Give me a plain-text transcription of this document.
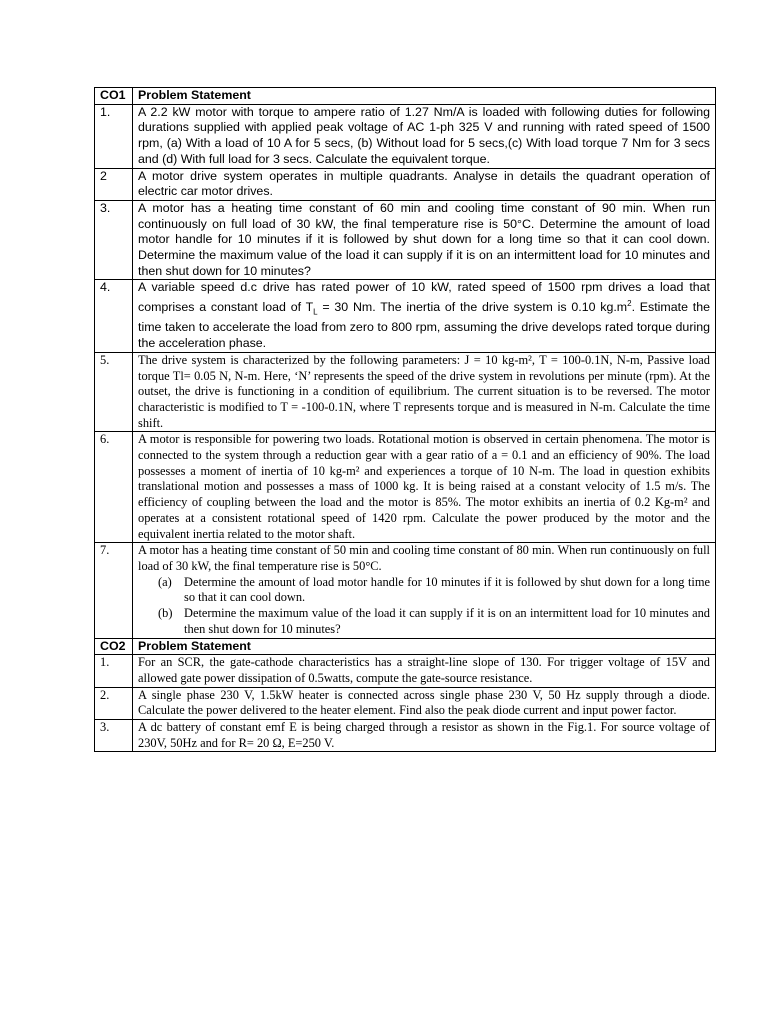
CO1	Problem Statement
1.	A 2.2 kW motor with torque to ampere ratio of 1.27 Nm/A is loaded with following duties for following durations supplied with applied peak voltage of AC 1-ph 325 V and running with rated speed of 1500 rpm, (a) With a load of 10 A for 5 secs, (b) Without load for 5 secs,(c) With load torque 7 Nm for 3 secs and (d) With full load for 3 secs. Calculate the equivalent torque.
2	A motor drive system operates in multiple quadrants. Analyse in details the quadrant operation of electric car motor drives.
3.	A motor has a heating time constant of 60 min and cooling time constant of 90 min. When run continuously on full load of 30 kW, the final temperature rise is 50°C. Determine the amount of load motor handle for 10 minutes if it is followed by shut down for a long time so that it can cool down. Determine the maximum value of the load it can supply if it is on an intermittent load for 10 minutes and then shut down for 10 minutes?
4.	A variable speed d.c drive has rated power of 10 kW, rated speed of 1500 rpm drives a load that comprises a constant load of $T_L = 30$ Nm. The inertia of the drive system is 0.10 $kg.m^2$. Estimate the time taken to accelerate the load from zero to 800 rpm, assuming the drive develops rated torque during the acceleration phase.
5.	The drive system is characterized by the following parameters: J = 10 kg-m², T = 100-0.1N, N-m, Passive load torque Tl= 0.05 N, N-m. Here, ‘N’ represents the speed of the drive system in revolutions per minute (rpm). At the outset, the drive is functioning in a condition of equilibrium. The current situation is to be reversed. The motor characteristic is modified to T = -100-0.1N, where T represents torque and is measured in N-m. Calculate the time shift.
6.	A motor is responsible for powering two loads. Rotational motion is observed in certain phenomena. The motor is connected to the system through a reduction gear with a gear ratio of a = 0.1 and an efficiency of 90%. The load possesses a moment of inertia of 10 kg-m² and experiences a torque of 10 N-m. The load in question exhibits translational motion and possesses a mass of 1000 kg. It is being raised at a constant velocity of 1.5 m/s. The efficiency of coupling between the load and the motor is 85%. The motor exhibits an inertia of 0.2 Kg-m² and operates at a consistent rotational speed of 1420 rpm. Calculate the power produced by the motor and the equivalent inertia related to the motor shaft.
7.	A motor has a heating time constant of 50 min and cooling time constant of 80 min. When run continuously on full load of 30 kW, the final temperature rise is 50°C.
(a) Determine the amount of load motor handle for 10 minutes if it is followed by shut down for a long time so that it can cool down.
(b) Determine the maximum value of the load it can supply if it is on an intermittent load for 10 minutes and then shut down for 10 minutes?

CO2	Problem Statement
1.	For an SCR, the gate-cathode characteristics has a straight-line slope of 130. For trigger voltage of 15V and allowed gate power dissipation of 0.5watts, compute the gate-source resistance.
2.	A single phase 230 V, 1.5kW heater is connected across single phase 230 V, 50 Hz supply through a diode. Calculate the power delivered to the heater element. Find also the peak diode current and input power factor.
3.	A dc battery of constant emf E is being charged through a resistor as shown in the Fig.1. For source voltage of 230V, 50Hz and for R= 20 Ω, E=250 V.
